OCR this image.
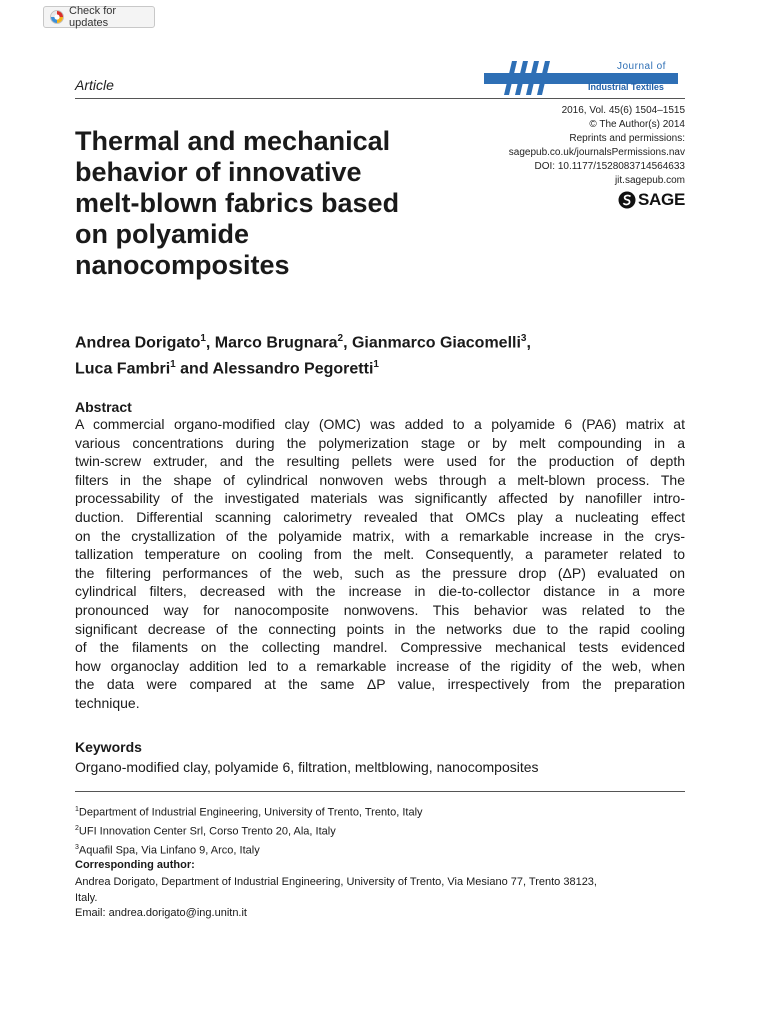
Check for updates
Article
Journal of
Industrial Textiles
2016, Vol. 45(6) 1504–1515
© The Author(s) 2014
Reprints and permissions:
sagepub.co.uk/journalsPermissions.nav
DOI: 10.1177/1528083714564633
jit.sagepub.com
SAGE
Thermal and mechanical
behavior of innovative
melt-blown fabrics based
on polyamide
nanocomposites
Andrea Dorigato$^1$, Marco Brugnara$^2$, Gianmarco Giacomelli$^3$,
Luca Fambri$^1$ and Alessandro Pegoretti$^1$
Abstract
A commercial organo-modified clay (OMC) was added to a polyamide 6 (PA6) matrix at
various concentrations during the polymerization stage or by melt compounding in a
twin-screw extruder, and the resulting pellets were used for the production of depth
filters in the shape of cylindrical nonwoven webs through a melt-blown process. The
processability of the investigated materials was significantly affected by nanofiller intro-
duction. Differential scanning calorimetry revealed that OMCs play a nucleating effect
on the crystallization of the polyamide matrix, with a remarkable increase in the crys-
tallization temperature on cooling from the melt. Consequently, a parameter related to
the filtering performances of the web, such as the pressure drop (ΔP) evaluated on
cylindrical filters, decreased with the increase in die-to-collector distance in a more
pronounced way for nanocomposite nonwovens. This behavior was related to the
significant decrease of the connecting points in the networks due to the rapid cooling
of the filaments on the collecting mandrel. Compressive mechanical tests evidenced
how organoclay addition led to a remarkable increase of the rigidity of the web, when
the data were compared at the same ΔP value, irrespectively from the preparation
technique.
Keywords
Organo-modified clay, polyamide 6, filtration, meltblowing, nanocomposites
$^1$Department of Industrial Engineering, University of Trento, Trento, Italy
$^2$UFI Innovation Center Srl, Corso Trento 20, Ala, Italy
$^3$Aquafil Spa, Via Linfano 9, Arco, Italy
Corresponding author:
Andrea Dorigato, Department of Industrial Engineering, University of Trento, Via Mesiano 77, Trento 38123,
Italy.
Email: andrea.dorigato@ing.unitn.it
